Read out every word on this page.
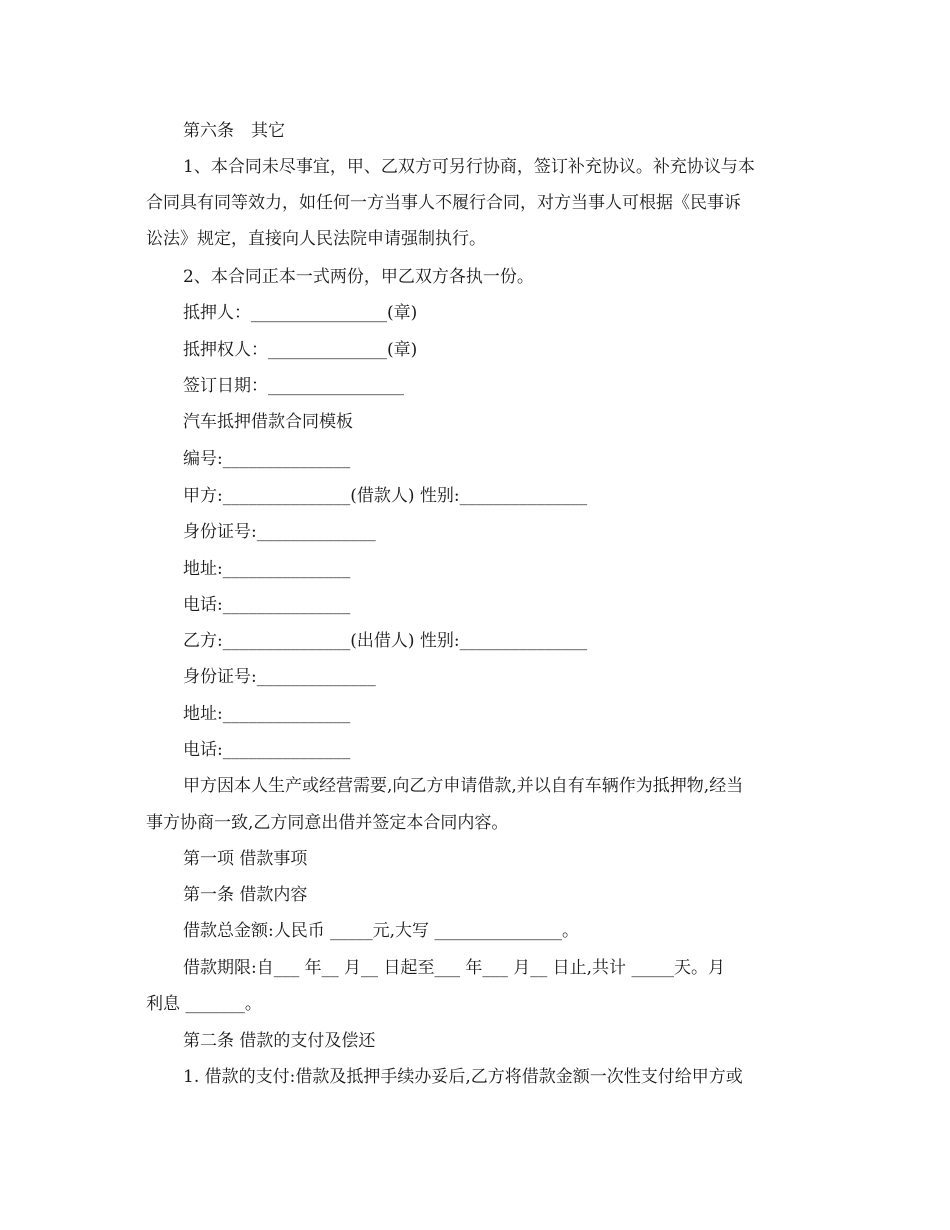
第六条　其它
1、本合同未尽事宜，甲、乙双方可另行协商，签订补充协议。补充协议与本
合同具有同等效力，如任何一方当事人不履行合同，对方当事人可根据《民事诉
讼法》规定，直接向人民法院申请强制执行。
2、本合同正本一式两份，甲乙双方各执一份。
抵押人：________________(章)
抵押权人：______________(章)
签订日期：________________
汽车抵押借款合同模板
编号:_______________
甲方:_______________(借款人) 性别:_______________
身份证号:______________
地址:_______________
电话:_______________
乙方:_______________(出借人) 性别:_______________
身份证号:______________
地址:_______________
电话:_______________
甲方因本人生产或经营需要,向乙方申请借款,并以自有车辆作为抵押物,经当
事方协商一致,乙方同意出借并签定本合同内容。
第一项 借款事项
第一条 借款内容
借款总金额:人民币 _____元,大写 _______________。
借款期限:自___ 年__ 月__ 日起至___ 年___ 月__ 日止,共计 _____天。月
利息 _______。
第二条 借款的支付及偿还
1. 借款的支付:借款及抵押手续办妥后,乙方将借款金额一次性支付给甲方或
